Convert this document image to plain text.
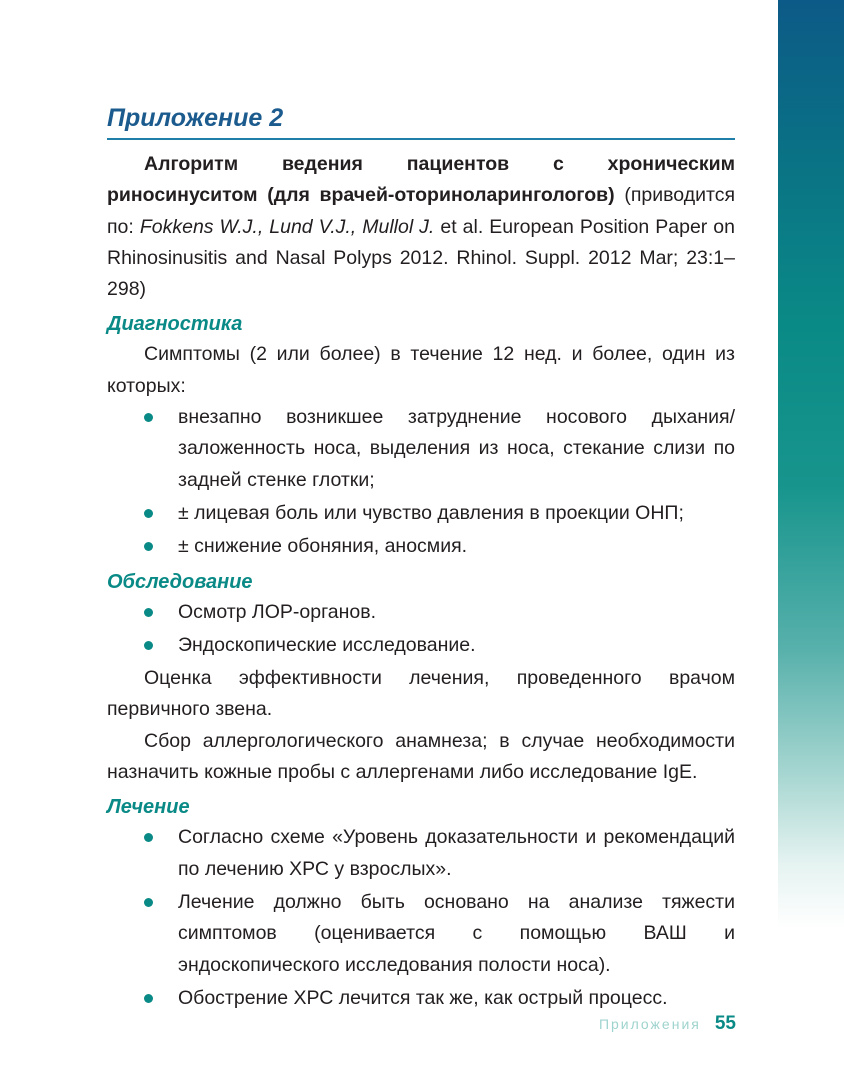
Приложение 2

Алгоритм ведения пациентов с хроническим риносинуситом (для врачей-оториноларингологов) (приводится по: Fokkens W.J., Lund V.J., Mullol J. et al. European Position Paper on Rhinosinusitis and Nasal Polyps 2012. Rhinol. Suppl. 2012 Mar; 23:1–298)

Диагностика

Симптомы (2 или более) в течение 12 нед. и более, один из которых:

внезапно возникшее затруднение носового дыхания/заложенность носа, выделения из носа, стекание слизи по задней стенке глотки;
± лицевая боль или чувство давления в проекции ОНП;
± снижение обоняния, аносмия.
Обследование
Осмотр ЛОР-органов.
Эндоскопические исследование.

Оценка эффективности лечения, проведенного врачом первичного звена.

Сбор аллергологического анамнеза; в случае необходимости назначить кожные пробы с аллергенами либо исследование IgE.

Лечение
Согласно схеме «Уровень доказательности и рекомендаций по лечению ХРС у взрослых».
Лечение должно быть основано на анализе тяжести симптомов (оценивается с помощью ВАШ и эндоскопического исследования полости носа).
Обострение ХРС лечится так же, как острый процесс.
Приложения 55
